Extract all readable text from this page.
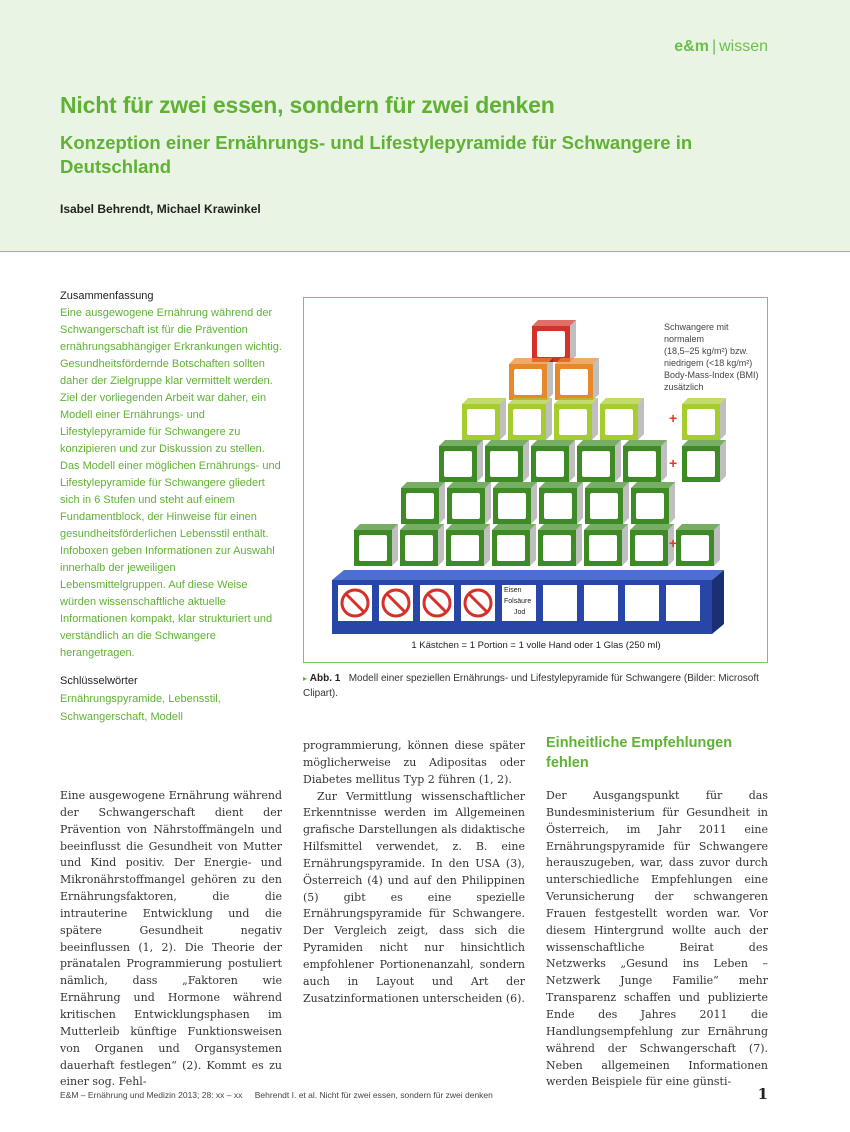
e&m | wissen
Nicht für zwei essen, sondern für zwei denken
Konzeption einer Ernährungs- und Lifestylepyramide für Schwangere in Deutschland
Isabel Behrendt, Michael Krawinkel
Zusammenfassung
Eine ausgewogene Ernährung während der Schwangerschaft ist für die Prävention ernährungsabhängiger Erkrankungen wichtig. Gesundheitsfördernde Botschaften sollten daher der Zielgruppe klar vermittelt werden. Ziel der vorliegenden Arbeit war daher, ein Modell einer Ernährungs- und Lifestylepyramide für Schwangere zu konzipieren und zur Diskussion zu stellen. Das Modell einer möglichen Ernährungs- und Lifestylepyramide für Schwangere gliedert sich in 6 Stufen und steht auf einem Fundamentblock, der Hinweise für einen gesundheitsförderlichen Lebensstil enthält. Infoboxen geben Informationen zur Auswahl innerhalb der jeweiligen Lebensmittelgruppen. Auf diese Weise würden wissenschaftliche aktuelle Informationen kompakt, klar strukturiert und verständlich an die Schwangere herangetragen.
Schlüsselwörter
Ernährungspyramide, Lebensstil, Schwangerschaft, Modell
Schwangere mit
normalem
(18,5–25 kg/m²) bzw.
niedrigem (<18 kg/m²)
Body-Mass-Index (BMI)
zusätzlich
+
+
+
Eisen
Folsäure
Jod
1 Kästchen = 1 Portion = 1 volle Hand oder 1 Glas (250 ml)
▸ Abb. 1 Modell einer speziellen Ernährungs- und Lifestylepyramide für Schwangere (Bilder: Microsoft Clipart).

Eine ausgewogene Ernährung während der Schwangerschaft dient der Prävention von Nährstoffmängeln und beeinflusst die Gesundheit von Mutter und Kind positiv. Der Energie- und Mikronährstoffmangel gehören zu den Ernährungsfaktoren, die die intrauterine Entwicklung und die spätere Gesundheit negativ beeinflussen (1, 2). Die Theorie der pränatalen Programmierung postuliert nämlich, dass „Faktoren wie Ernährung und Hormone während kritischen Entwicklungsphasen im Mutterleib künftige Funktionsweisen von Organen und Organsystemen dauerhaft festlegen“ (2). Kommt es zu einer sog. Fehl-

programmierung, können diese später möglicherweise zu Adipositas oder Diabetes mellitus Typ 2 führen (1, 2).

Zur Vermittlung wissenschaftlicher Erkenntnisse werden im Allgemeinen grafische Darstellungen als didaktische Hilfsmittel verwendet, z. B. eine Ernährungspyramide. In den USA (3), Österreich (4) und auf den Philippinen (5) gibt es eine spezielle Ernährungspyramide für Schwangere. Der Vergleich zeigt, dass sich die Pyramiden nicht nur hinsichtlich empfohlener Portionenanzahl, sondern auch in Layout und Art der Zusatzinformationen unterscheiden (6).

Einheitliche Empfehlungen fehlen

Der Ausgangspunkt für das Bundesministerium für Gesundheit in Österreich, im Jahr 2011 eine Ernährungspyramide für Schwangere herauszugeben, war, dass zuvor durch unterschiedliche Empfehlungen eine Verunsicherung der schwangeren Frauen festgestellt worden war. Vor diesem Hintergrund wollte auch der wissenschaftliche Beirat des Netzwerks „Gesund ins Leben – Netzwerk Junge Familie“ mehr Transparenz schaffen und publizierte Ende des Jahres 2011 die Handlungsempfehlung zur Ernährung während der Schwangerschaft (7). Neben allgemeinen Informationen werden Beispiele für eine günsti-

E&M – Ernährung und Medizin 2013; 28: xx – xx Behrendt I. et al. Nicht für zwei essen, sondern für zwei denken	1
